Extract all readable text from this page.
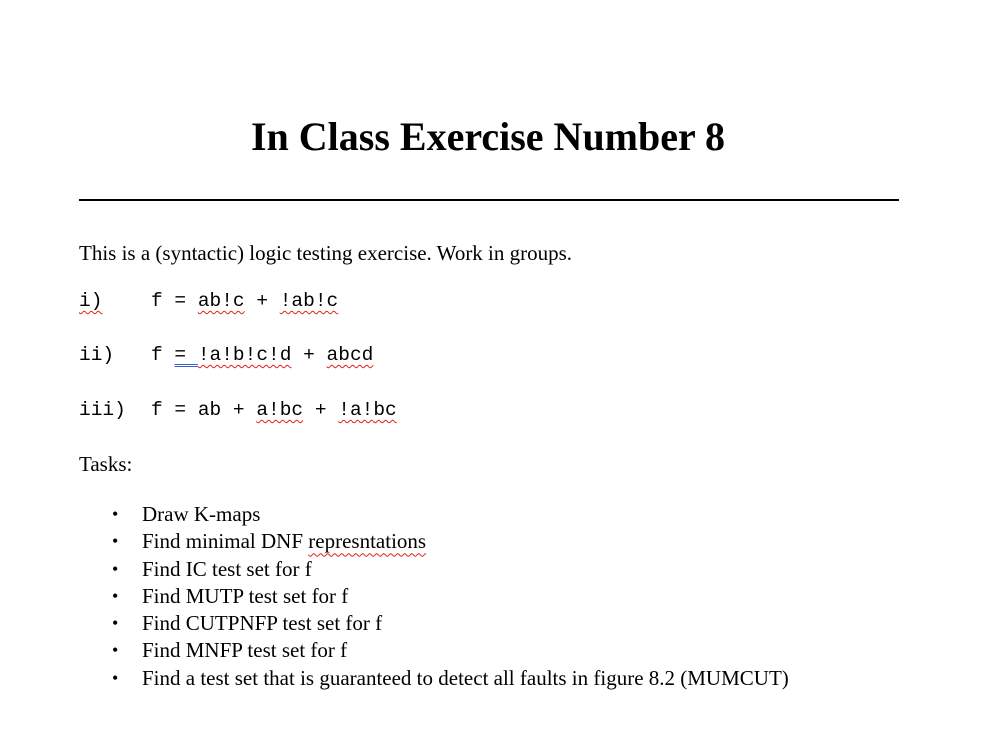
In Class Exercise Number 8

This is a (syntactic) logic testing exercise. Work in groups.

i) f = ab!c + !ab!c
ii) f = !a!b!c!d + abcd
iii) f = ab + a!bc + !a!bc

Tasks:

• Draw K-maps
• Find minimal DNF represntations
• Find IC test set for f
• Find MUTP test set for f
• Find CUTPNFP test set for f
• Find MNFP test set for f
• Find a test set that is guaranteed to detect all faults in figure 8.2 (MUMCUT)
